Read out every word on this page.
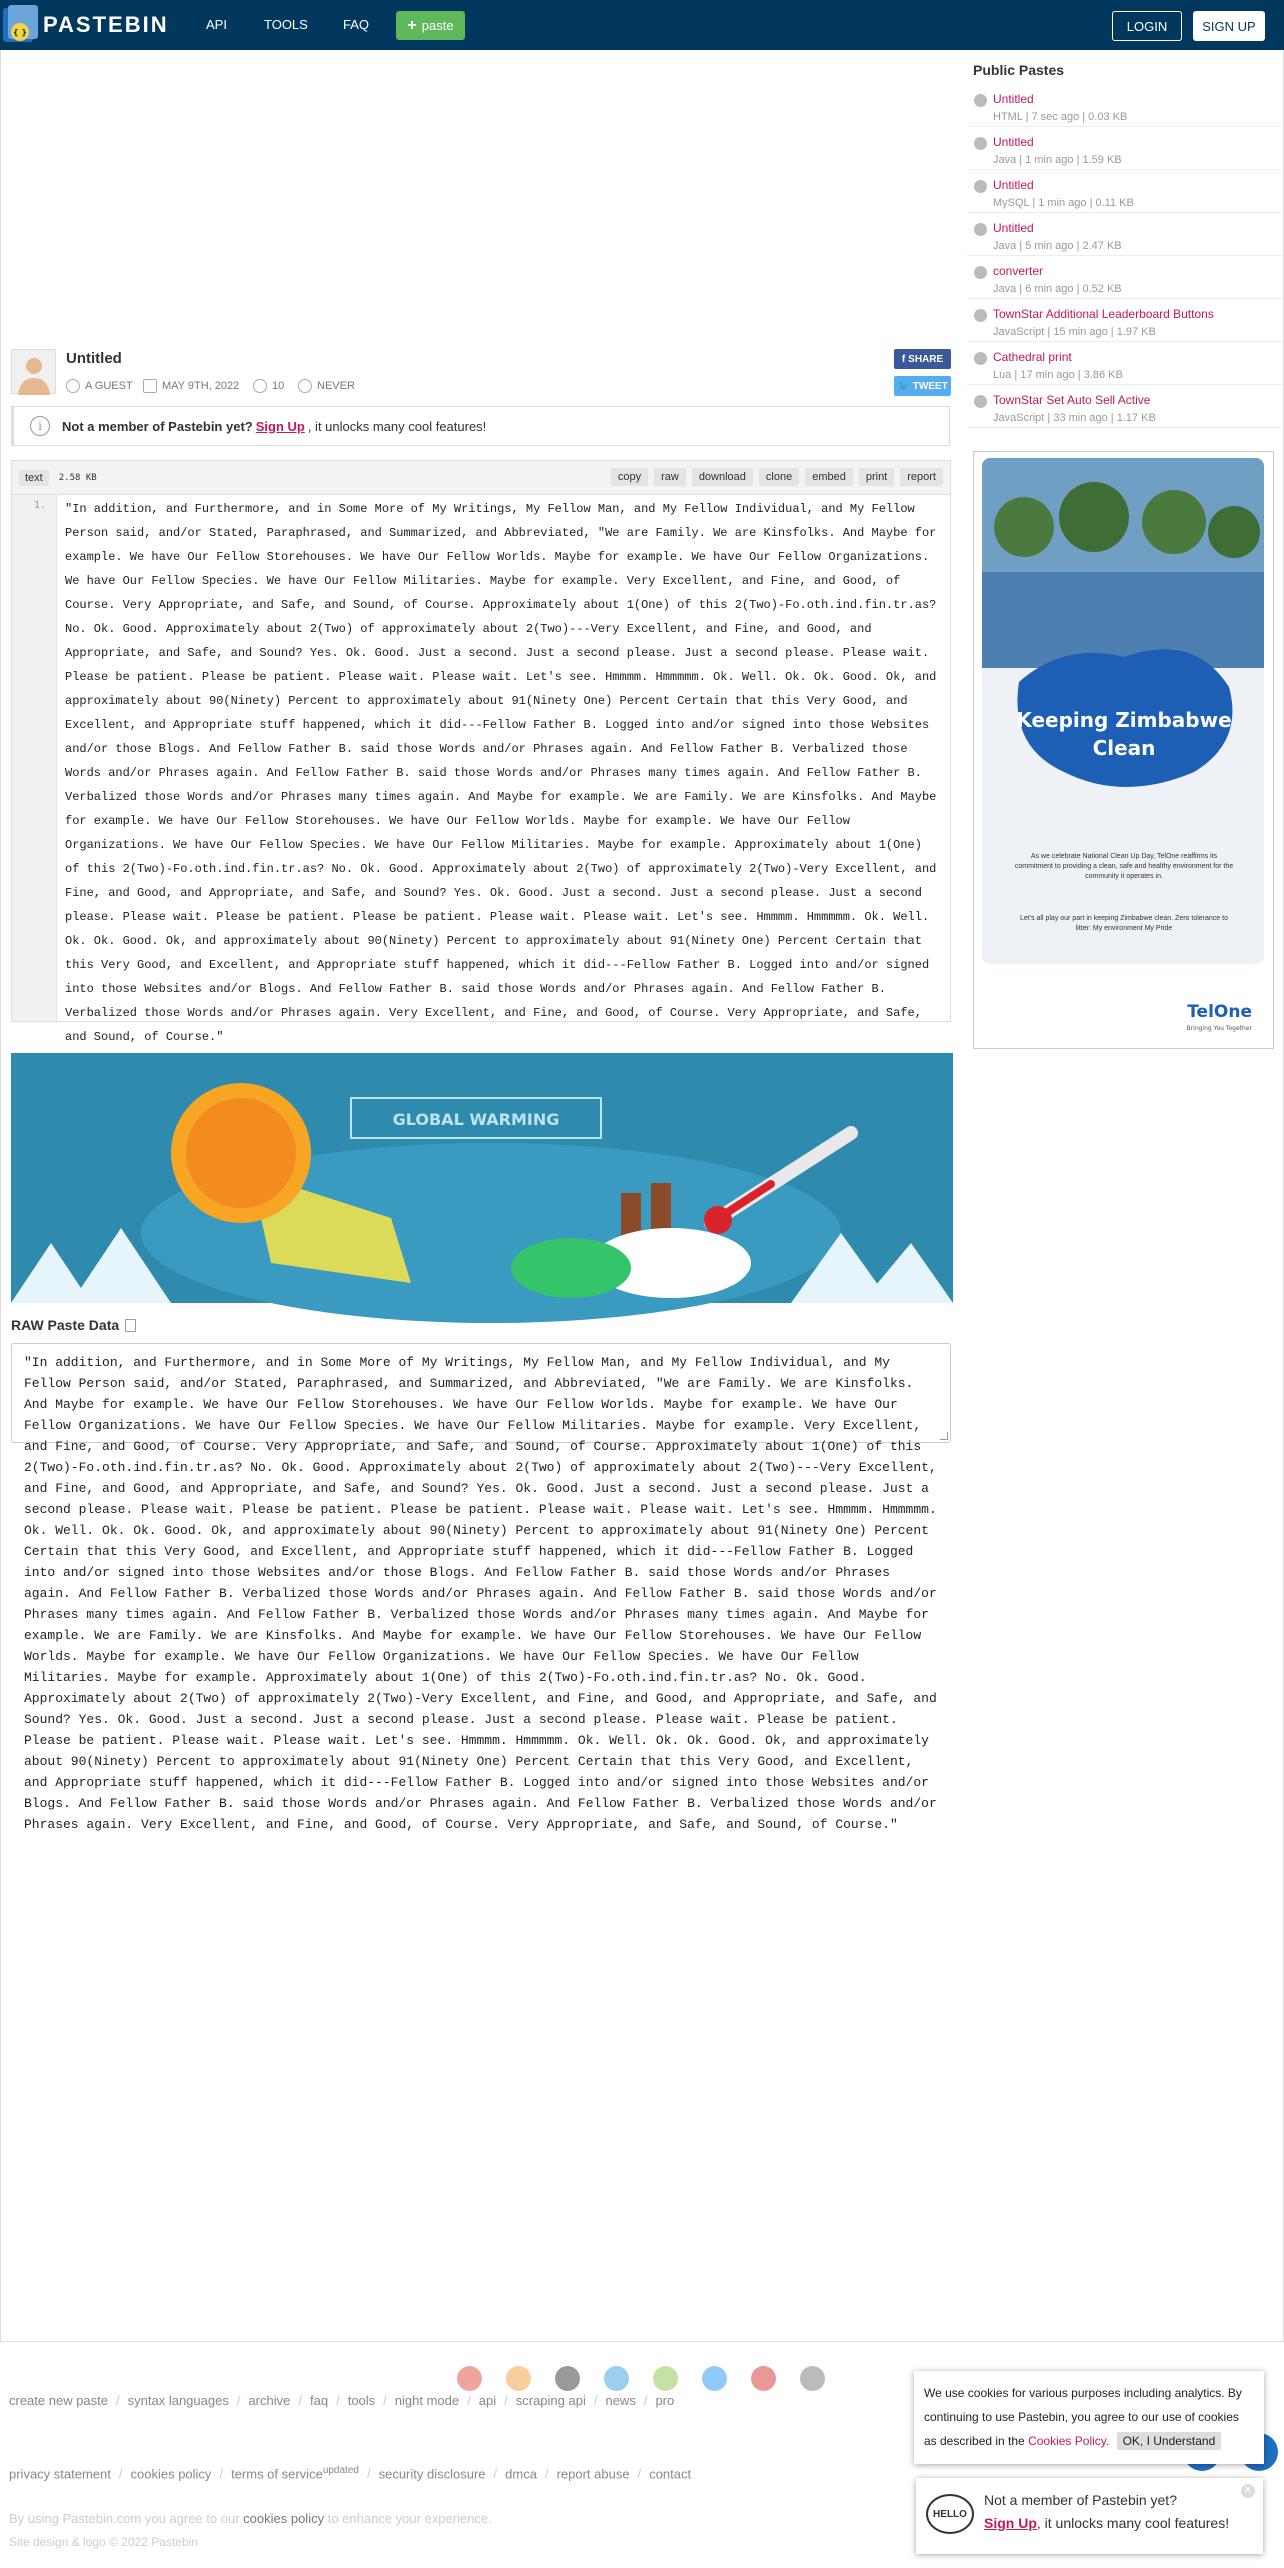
{ } PASTEBIN	API	TOOLS	FAQ + paste	LOGIN	SIGN UP
Untitled
A GUEST	MAY 9TH, 2022	10	NEVER
f SHARE
🐦 TWEET
i	Not a member of Pastebin yet? Sign Up , it unlocks many cool features!
text	2.58 KB	copy	raw	download	clone	embed	print	report
1.	"In addition, and Furthermore, and in Some More of My Writings, My Fellow Man, and My Fellow Individual, and My Fellow Person said, and/or Stated, Paraphrased, and Summarized, and Abbreviated, "We are Family. We are Kinsfolks. And Maybe for example. We have Our Fellow Storehouses. We have Our Fellow Worlds. Maybe for example. We have Our Fellow Organizations. We have Our Fellow Species. We have Our Fellow Militaries. Maybe for example. Very Excellent, and Fine, and Good, of Course. Very Appropriate, and Safe, and Sound, of Course. Approximately about 1(One) of this 2(Two)-Fo.oth.ind.fin.tr.as? No. Ok. Good. Approximately about 2(Two) of approximately about 2(Two)---Very Excellent, and Fine, and Good, and Appropriate, and Safe, and Sound? Yes. Ok. Good. Just a second. Just a second please. Just a second please. Please wait. Please be patient. Please be patient. Please wait. Please wait. Let's see. Hmmmm. Hmmmmm. Ok. Well. Ok. Ok. Good. Ok, and approximately about 90(Ninety) Percent to approximately about 91(Ninety One) Percent Certain that this Very Good, and Excellent, and Appropriate stuff happened, which it did---Fellow Father B. Logged into and/or signed into those Websites and/or those Blogs. And Fellow Father B. said those Words and/or Phrases again. And Fellow Father B. Verbalized those Words and/or Phrases again. And Fellow Father B. said those Words and/or Phrases many times again. And Fellow Father B. Verbalized those Words and/or Phrases many times again. And Maybe for example. We are Family. We are Kinsfolks. And Maybe for example. We have Our Fellow Storehouses. We have Our Fellow Worlds. Maybe for example. We have Our Fellow Organizations. We have Our Fellow Species. We have Our Fellow Militaries. Maybe for example. Approximately about 1(One) of this 2(Two)-Fo.oth.ind.fin.tr.as? No. Ok. Good. Approximately about 2(Two) of approximately 2(Two)-Very Excellent, and Fine, and Good, and Appropriate, and Safe, and Sound? Yes. Ok. Good. Just a second. Just a second please. Just a second please. Please wait. Please be patient. Please be patient. Please wait. Please wait. Let's see. Hmmmm. Hmmmmm. Ok. Well. Ok. Ok. Good. Ok, and approximately about 90(Ninety) Percent to approximately about 91(Ninety One) Percent Certain that this Very Good, and Excellent, and Appropriate stuff happened, which it did---Fellow Father B. Logged into and/or signed into those Websites and/or Blogs. And Fellow Father B. said those Words and/or Phrases again. And Fellow Father B. Verbalized those Words and/or Phrases again. Very Excellent, and Fine, and Good, of Course. Very Appropriate, and Safe, and Sound, of Course."
GLOBAL WARMING
RAW Paste Data
"In addition, and Furthermore, and in Some More of My Writings, My Fellow Man, and My Fellow Individual, and My Fellow Person said, and/or Stated, Paraphrased, and Summarized, and Abbreviated, "We are Family. We are Kinsfolks. And Maybe for example. We have Our Fellow Storehouses. We have Our Fellow Worlds. Maybe for example. We have Our Fellow Organizations. We have Our Fellow Species. We have Our Fellow Militaries. Maybe for example. Very Excellent, and Fine, and Good, of Course. Very Appropriate, and Safe, and Sound, of Course. Approximately about 1(One) of this 2(Two)-Fo.oth.ind.fin.tr.as? No. Ok. Good. Approximately about 2(Two) of approximately about 2(Two)---Very Excellent, and Fine, and Good, and Appropriate, and Safe, and Sound? Yes. Ok. Good. Just a second. Just a second please. Just a second please. Please wait. Please be patient. Please be patient. Please wait. Please wait. Let's see. Hmmmm. Hmmmmm. Ok. Well. Ok. Ok. Good. Ok, and approximately about 90(Ninety) Percent to approximately about 91(Ninety One) Percent Certain that this Very Good, and Excellent, and Appropriate stuff happened, which it did---Fellow Father B. Logged into and/or signed into those Websites and/or those Blogs. And Fellow Father B. said those Words and/or Phrases again. And Fellow Father B. Verbalized those Words and/or Phrases again. And Fellow Father B. said those Words and/or Phrases many times again. And Fellow Father B. Verbalized those Words and/or Phrases many times again. And Maybe for example. We are Family. We are Kinsfolks. And Maybe for example. We have Our Fellow Storehouses. We have Our Fellow Worlds. Maybe for example. We have Our Fellow Organizations. We have Our Fellow Species. We have Our Fellow Militaries. Maybe for example. Approximately about 1(One) of this 2(Two)-Fo.oth.ind.fin.tr.as? No. Ok. Good. Approximately about 2(Two) of approximately 2(Two)-Very Excellent, and Fine, and Good, and Appropriate, and Safe, and Sound? Yes. Ok. Good. Just a second. Just a second please. Just a second please. Please wait. Please be patient. Please be patient. Please wait. Please wait. Let's see. Hmmmm. Hmmmmm. Ok. Well. Ok. Ok. Good. Ok, and approximately about 90(Ninety) Percent to approximately about 91(Ninety One) Percent Certain that this Very Good, and Excellent, and Appropriate stuff happened, which it did---Fellow Father B. Logged into and/or signed into those Websites and/or Blogs. And Fellow Father B. said those Words and/or Phrases again. And Fellow Father B. Verbalized those Words and/or Phrases again. Very Excellent, and Fine, and Good, of Course. Very Appropriate, and Safe, and Sound, of Course."
Public Pastes
Untitled
HTML | 7 sec ago | 0.03 KB
Untitled
Java | 1 min ago | 1.59 KB
Untitled
MySQL | 1 min ago | 0.11 KB
Untitled
Java | 5 min ago | 2.47 KB
converter
Java | 6 min ago | 0.52 KB
TownStar Additional Leaderboard Buttons
JavaScript | 15 min ago | 1.97 KB
Cathedral print
Lua | 17 min ago | 3.86 KB
TownStar Set Auto Sell Active
JavaScript | 33 min ago | 1.17 KB
Keeping Zimbabwe
Clean
As we celebrate National Clean Up Day, TelOne reaffirms its commitment to providing a clean, safe and healthy environment for the community it operates in.
Let's all play our part in keeping Zimbabwe clean. Zero tolerance to litter: My environment My Pride
TelOne
Bringing You Together
create new paste / syntax languages / archive / faq / tools / night mode / api / scraping api / news / pro
privacy statement / cookies policy / terms of service$^{updated}$ / security disclosure / dmca / report abuse / contact
By using Pastebin.com you agree to our cookies policy to enhance your experience.
Site design & logo © 2022 Pastebin
We use cookies for various purposes including analytics. By continuing to use Pastebin, you agree to our use of cookies as described in the Cookies Policy. OK, I Understand
HELLO
Not a member of Pastebin yet?
Sign Up, it unlocks many cool features!
✕
